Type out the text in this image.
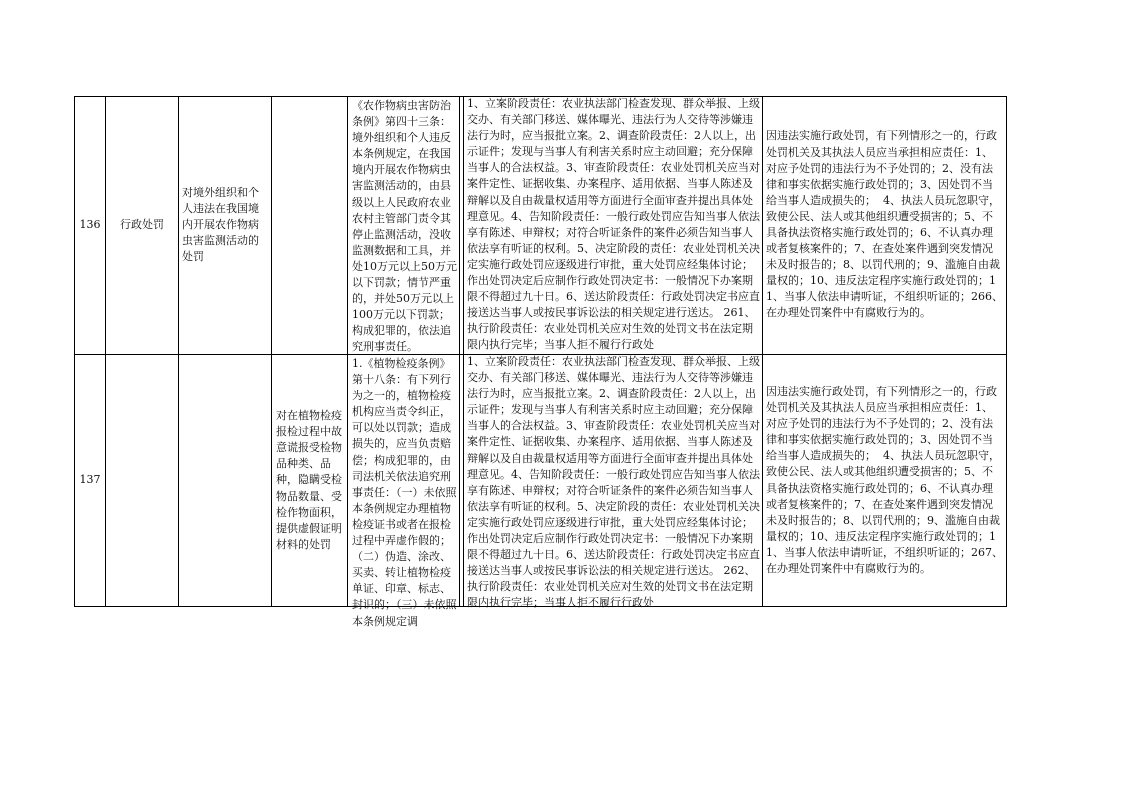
136	行政处罚
对境外组织和个人违法在我国境内开展农作物病虫害监测活动的处罚
《农作物病虫害防治条例》第四十三条：境外组织和个人违反本条例规定，在我国境内开展农作物病虫害监测活动的，由县级以上人民政府农业农村主管部门责令其停止监测活动，没收监测数据和工具，并处10万元以上50万元以下罚款；情节严重的，并处50万元以上100万元以下罚款；构成犯罪的，依法追究刑事责任。
1、立案阶段责任：农业执法部门检查发现、群众举报、上级交办、有关部门移送、媒体曝光、违法行为人交待等涉嫌违法行为时，应当报批立案。2、调查阶段责任：2人以上，出示证件；发现与当事人有利害关系时应主动回避；充分保障当事人的合法权益。3、审查阶段责任：农业处罚机关应当对案件定性、证据收集、办案程序、适用依据、当事人陈述及辩解以及自由裁量权适用等方面进行全面审查并提出具体处理意见。4、告知阶段责任：一般行政处罚应告知当事人依法享有陈述、申辩权；对符合听证条件的案件必须告知当事人依法享有听证的权利。5、决定阶段的责任：农业处罚机关决定实施行政处罚应逐级进行审批，重大处罚应经集体讨论；作出处罚决定后应制作行政处罚决定书：一般情况下办案期限不得超过九十日。6、送达阶段责任：行政处罚决定书应直接送达当事人或按民事诉讼法的相关规定进行送达。 261、执行阶段责任：农业处罚机关应对生效的处罚文书在法定期限内执行完毕；当事人拒不履行行政处
因违法实施行政处罚，有下列情形之一的，行政处罚机关及其执法人员应当承担相应责任：1、对应予处罚的违法行为不予处罚的；2、没有法律和事实依据实施行政处罚的；3、因处罚不当给当事人造成损失的；  4、执法人员玩忽职守，致使公民、法人或其他组织遭受损害的；5、不具备执法资格实施行政处罚的；6、不认真办理或者复核案件的；7、在查处案件遇到突发情况未及时报告的；8、以罚代刑的；9、滥施自由裁量权的；10、违反法定程序实施行政处罚的；11、当事人依法申请听证，不组织听证的；266、在办理处罚案件中有腐败行为的。
137
对在植物检疫报检过程中故意谎报受检物品种类、品种，隐瞒受检物品数量、受检作物面积，提供虚假证明材料的处罚
1.《植物检疫条例》第十八条：有下列行为之一的，植物检疫机构应当责令纠正，可以处以罚款；造成损失的，应当负责赔偿；构成犯罪的，由司法机关依法追究刑事责任：（一）未依照本条例规定办理植物检疫证书或者在报检过程中弄虚作假的；（二）伪造、涂改、买卖、转让植物检疫单证、印章、标志、封识的；（三）未依照本条例规定调
1、立案阶段责任：农业执法部门检查发现、群众举报、上级交办、有关部门移送、媒体曝光、违法行为人交待等涉嫌违法行为时，应当报批立案。2、调查阶段责任：2人以上，出示证件；发现与当事人有利害关系时应主动回避；充分保障当事人的合法权益。3、审查阶段责任：农业处罚机关应当对案件定性、证据收集、办案程序、适用依据、当事人陈述及辩解以及自由裁量权适用等方面进行全面审查并提出具体处理意见。4、告知阶段责任：一般行政处罚应告知当事人依法享有陈述、申辩权；对符合听证条件的案件必须告知当事人依法享有听证的权利。5、决定阶段的责任：农业处罚机关决定实施行政处罚应逐级进行审批，重大处罚应经集体讨论；作出处罚决定后应制作行政处罚决定书：一般情况下办案期限不得超过九十日。6、送达阶段责任：行政处罚决定书应直接送达当事人或按民事诉讼法的相关规定进行送达。 262、执行阶段责任：农业处罚机关应对生效的处罚文书在法定期限内执行完毕；当事人拒不履行行政处
因违法实施行政处罚，有下列情形之一的，行政处罚机关及其执法人员应当承担相应责任：1、对应予处罚的违法行为不予处罚的；2、没有法律和事实依据实施行政处罚的；3、因处罚不当给当事人造成损失的；  4、执法人员玩忽职守，致使公民、法人或其他组织遭受损害的；5、不具备执法资格实施行政处罚的；6、不认真办理或者复核案件的；7、在查处案件遇到突发情况未及时报告的；8、以罚代刑的；9、滥施自由裁量权的；10、违反法定程序实施行政处罚的；11、当事人依法申请听证，不组织听证的；267、在办理处罚案件中有腐败行为的。
